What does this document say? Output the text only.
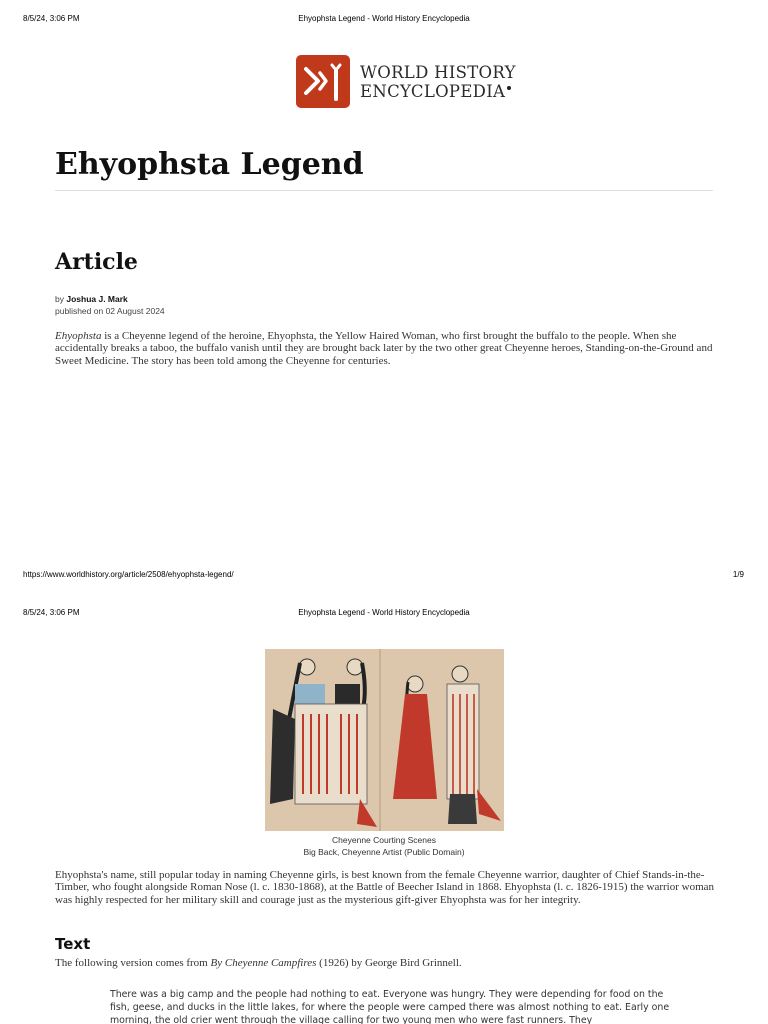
8/5/24, 3:06 PM	Ehyophsta Legend - World History Encyclopedia
WORLD HISTORY
ENCYCLOPEDIA
Ehyophsta Legend
Article
by Joshua J. Mark
published on 02 August 2024

Ehyophsta is a Cheyenne legend of the heroine, Ehyophsta, the Yellow Haired Woman, who first brought the buffalo to the people. When she accidentally breaks a taboo, the buffalo vanish until they are brought back later by the two other great Cheyenne heroes, Standing-on-the-Ground and Sweet Medicine. The story has been told among the Cheyenne for centuries.

https://www.worldhistory.org/article/2508/ehyophsta-legend/	1/9
8/5/24, 3:06 PM	Ehyophsta Legend - World History Encyclopedia
Cheyenne Courting Scenes
Big Back, Cheyenne Artist (Public Domain)

Ehyophsta's name, still popular today in naming Cheyenne girls, is best known from the female Cheyenne warrior, daughter of Chief Stands-in-the-Timber, who fought alongside Roman Nose (l. c. 1830-1868), at the Battle of Beecher Island in 1868. Ehyophsta (l. c. 1826-1915) the warrior woman was highly respected for her military skill and courage just as the mysterious gift-giver Ehyophsta was for her integrity.

Text

The following version comes from By Cheyenne Campfires (1926) by George Bird Grinnell.

There was a big camp and the people had nothing to eat. Everyone was hungry. They were depending for food on the fish, geese, and ducks in the little lakes, for where the people were camped there was almost nothing to eat. Early one morning, the old crier went through the village calling for two young men who were fast runners. They
